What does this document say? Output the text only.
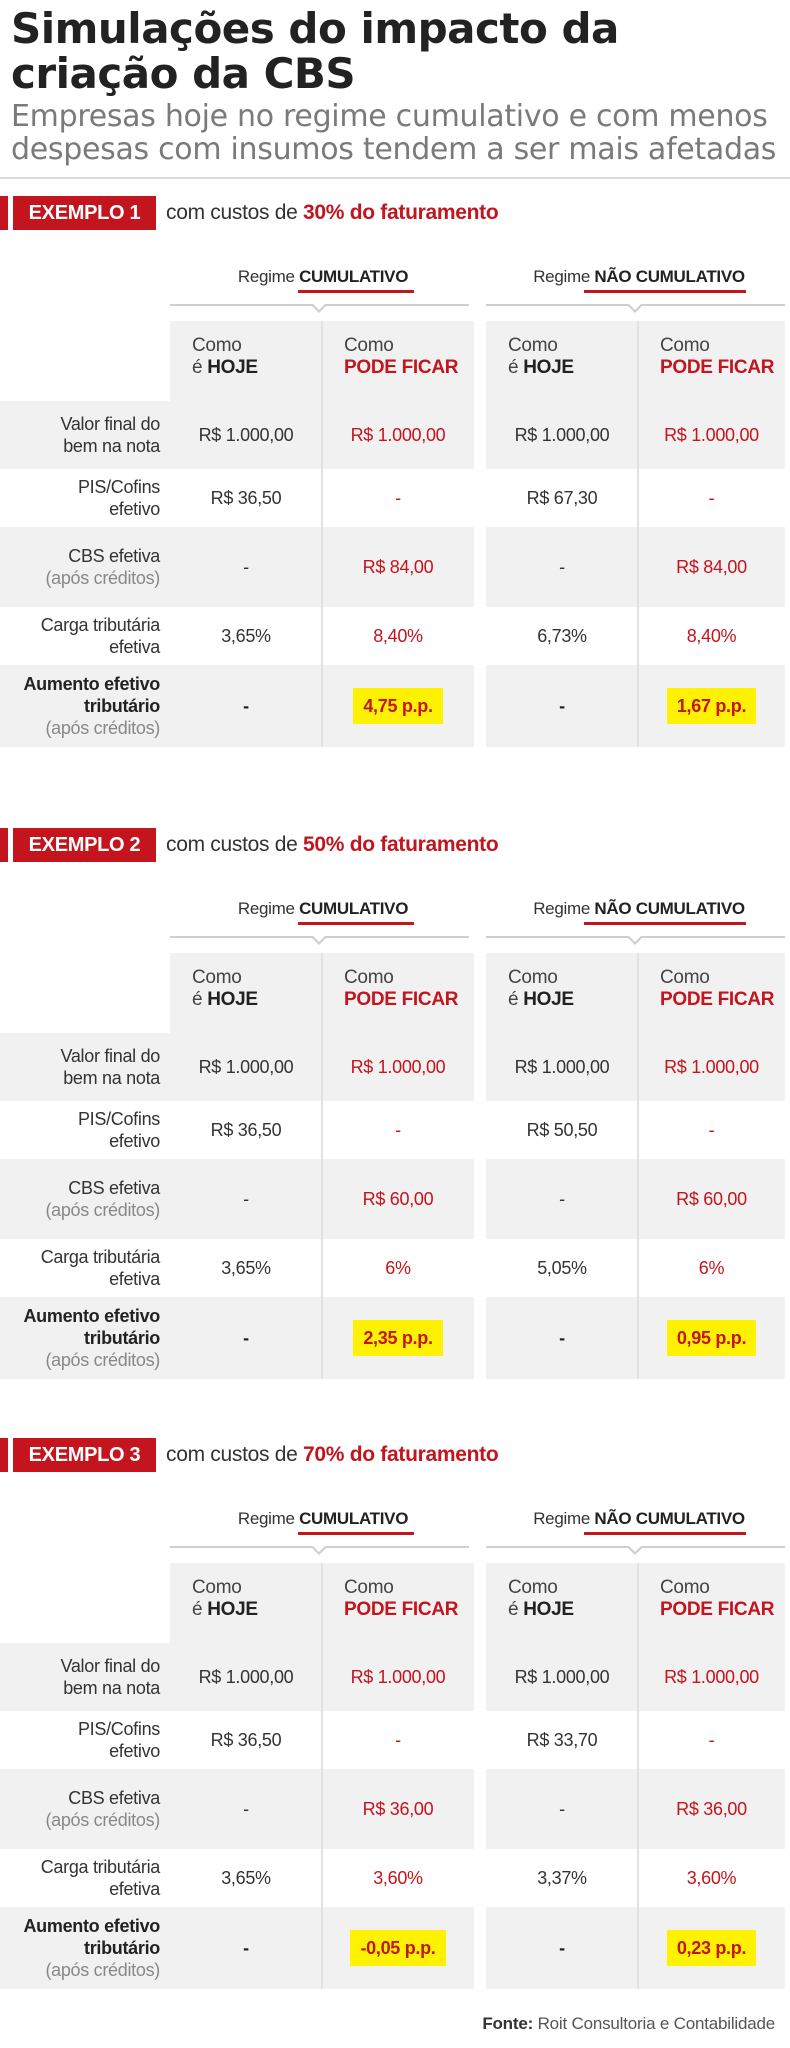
Simulações do impacto da criação da CBS
Empresas hoje no regime cumulativo e com menos despesas com insumos tendem a ser mais afetadas
EXEMPLO 1	com custos de 30% do faturamento
Regime CUMULATIVO	Regime NÃO CUMULATIVO
Como
é HOJE
Como
PODE FICAR
Como
é HOJE
Como
PODE FICAR
Valor final do
bem na nota
R$ 1.000,00	R$ 1.000,00	R$ 1.000,00	R$ 1.000,00
PIS/Cofins
efetivo
R$ 36,50	-	R$ 67,30	-
CBS efetiva
(após créditos)
-	R$ 84,00	-	R$ 84,00
Carga tributária
efetiva
3,65%	8,40%	6,73%	8,40%
Aumento efetivo
tributário
(após créditos)
-	4,75 p.p.	-	1,67 p.p.
EXEMPLO 2	com custos de 50% do faturamento
Regime CUMULATIVO	Regime NÃO CUMULATIVO
Como
é HOJE
Como
PODE FICAR
Como
é HOJE
Como
PODE FICAR
Valor final do
bem na nota
R$ 1.000,00	R$ 1.000,00	R$ 1.000,00	R$ 1.000,00
PIS/Cofins
efetivo
R$ 36,50	-	R$ 50,50	-
CBS efetiva
(após créditos)
-	R$ 60,00	-	R$ 60,00
Carga tributária
efetiva
3,65%	6%	5,05%	6%
Aumento efetivo
tributário
(após créditos)
-	2,35 p.p.	-	0,95 p.p.
EXEMPLO 3	com custos de 70% do faturamento
Regime CUMULATIVO	Regime NÃO CUMULATIVO
Como
é HOJE
Como
PODE FICAR
Como
é HOJE
Como
PODE FICAR
Valor final do
bem na nota
R$ 1.000,00	R$ 1.000,00	R$ 1.000,00	R$ 1.000,00
PIS/Cofins
efetivo
R$ 36,50	-	R$ 33,70	-
CBS efetiva
(após créditos)
-	R$ 36,00	-	R$ 36,00
Carga tributária
efetiva
3,65%	3,60%	3,37%	3,60%
Aumento efetivo
tributário
(após créditos)
-	-0,05 p.p.	-	0,23 p.p.
Fonte: Roit Consultoria e Contabilidade
